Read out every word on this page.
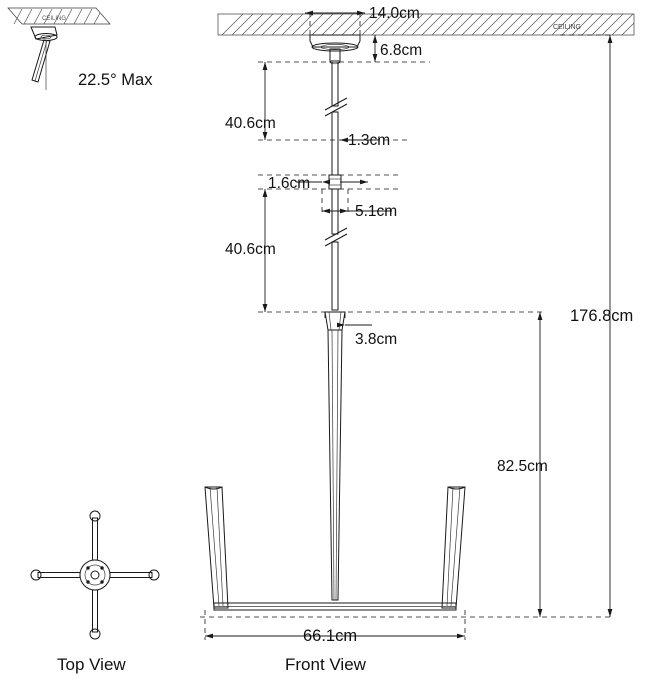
CEILING
14.0cm
6.8cm
40.6cm
1.3cm
1.6cm
5.1cm
40.6cm
3.8cm
82.5cm
176.8cm
66.1cm
CEILING
22.5° Max
Top View	Front View
